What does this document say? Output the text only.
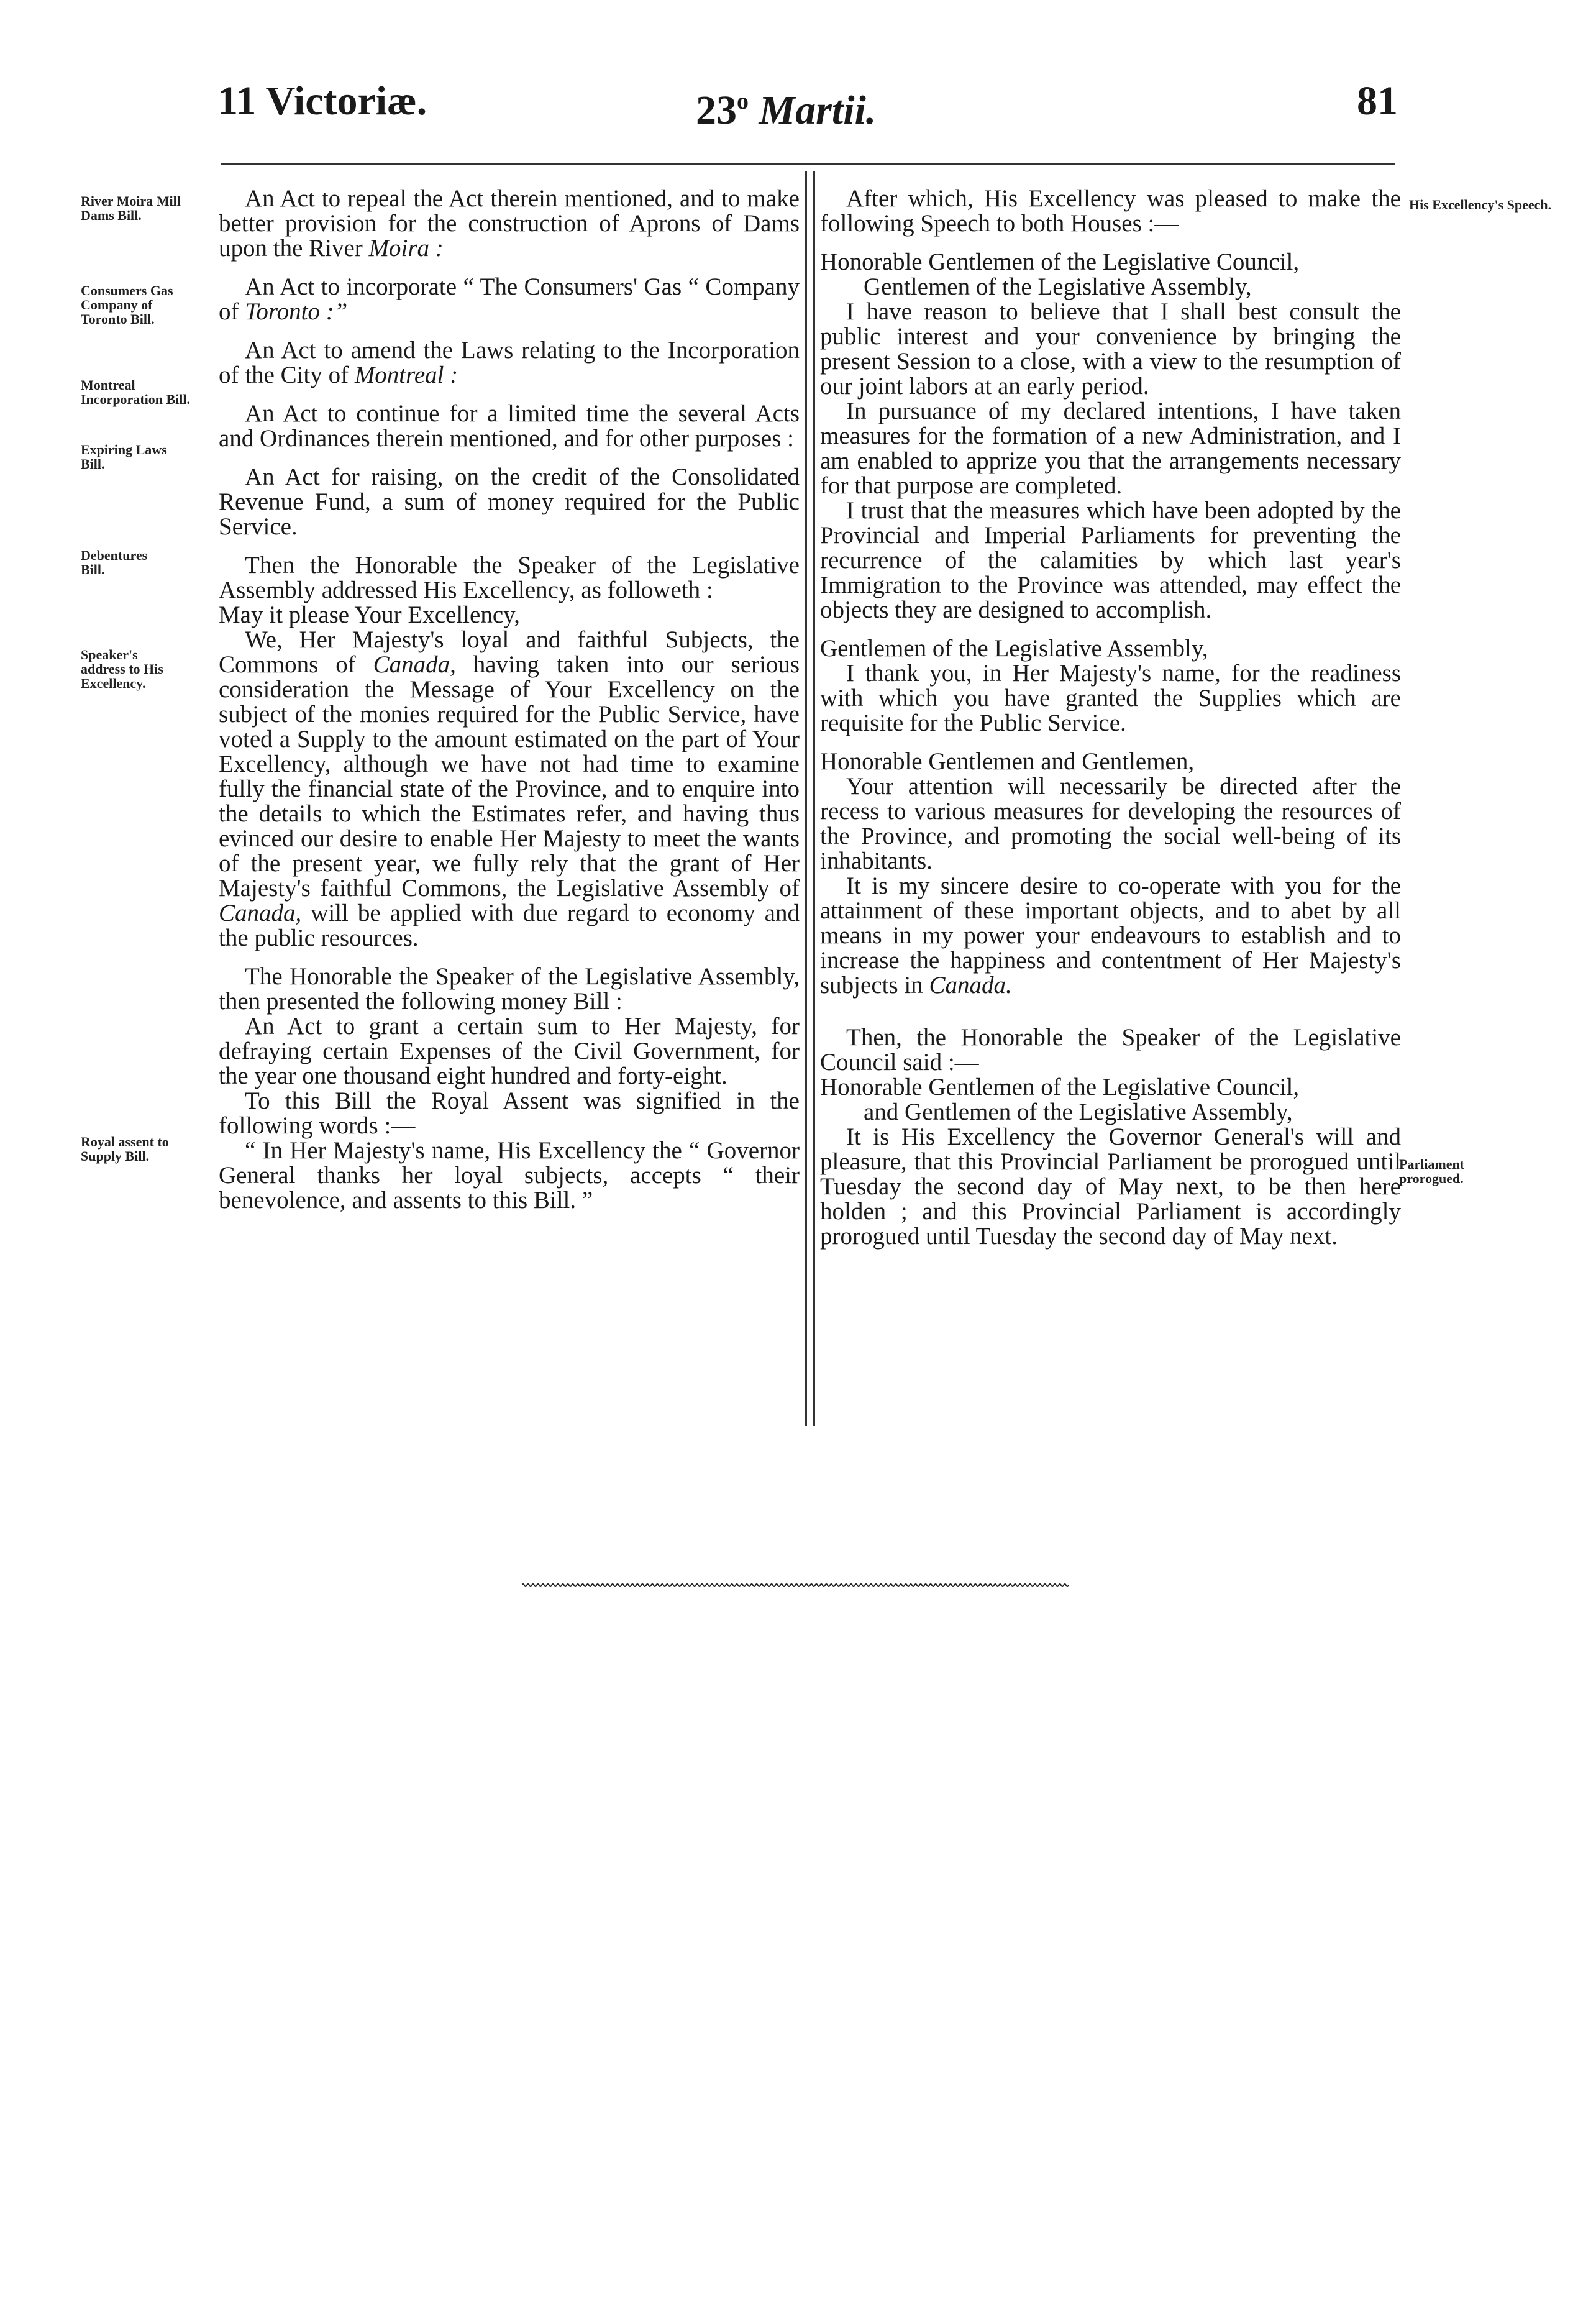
11 Victoriæ.	23$^o$ Martii.	81
River Moira Mill Dams Bill.
Consumers Gas Company of Toronto Bill.
Montreal Incorporation Bill.
Expiring Laws Bill.
Debentures Bill.
Speaker's address to His Excellency.
Royal assent to Supply Bill.
His Excellency's Speech.
Parliament prorogued.

An Act to repeal the Act therein mentioned, and to make better provision for the construction of Aprons of Dams upon the River Moira :

An Act to incorporate “ The Consumers' Gas “ Company of Toronto :”

An Act to amend the Laws relating to the Incorporation of the City of Montreal :

An Act to continue for a limited time the several Acts and Ordinances therein mentioned, and for other purposes :

An Act for raising, on the credit of the Consolidated Revenue Fund, a sum of money required for the Public Service.

Then the Honorable the Speaker of the Legislative Assembly addressed His Excellency, as followeth :

May it please Your Excellency,

We, Her Majesty's loyal and faithful Subjects, the Commons of Canada, having taken into our serious consideration the Message of Your Excellency on the subject of the monies required for the Public Service, have voted a Supply to the amount estimated on the part of Your Excellency, although we have not had time to examine fully the financial state of the Province, and to enquire into the details to which the Estimates refer, and having thus evinced our desire to enable Her Majesty to meet the wants of the present year, we fully rely that the grant of Her Majesty's faithful Commons, the Legislative Assembly of Canada, will be applied with due regard to economy and the public resources.

The Honorable the Speaker of the Legislative Assembly, then presented the following money Bill :

An Act to grant a certain sum to Her Majesty, for defraying certain Expenses of the Civil Government, for the year one thousand eight hundred and forty-eight.

To this Bill the Royal Assent was signified in the following words :—

“ In Her Majesty's name, His Excellency the “ Governor General thanks her loyal subjects, accepts “ their benevolence, and assents to this Bill. ”

After which, His Excellency was pleased to make the following Speech to both Houses :—

Honorable Gentlemen of the Legislative Council,

Gentlemen of the Legislative Assembly,

I have reason to believe that I shall best consult the public interest and your convenience by bringing the present Session to a close, with a view to the resumption of our joint labors at an early period.

In pursuance of my declared intentions, I have taken measures for the formation of a new Administration, and I am enabled to apprize you that the arrangements necessary for that purpose are completed.

I trust that the measures which have been adopted by the Provincial and Imperial Parliaments for preventing the recurrence of the calamities by which last year's Immigration to the Province was attended, may effect the objects they are designed to accomplish.

Gentlemen of the Legislative Assembly,

I thank you, in Her Majesty's name, for the readiness with which you have granted the Supplies which are requisite for the Public Service.

Honorable Gentlemen and Gentlemen,

Your attention will necessarily be directed after the recess to various measures for developing the resources of the Province, and promoting the social well-being of its inhabitants.

It is my sincere desire to co-operate with you for the attainment of these important objects, and to abet by all means in my power your endeavours to establish and to increase the happiness and contentment of Her Majesty's subjects in Canada.

Then, the Honorable the Speaker of the Legislative Council said :—

Honorable Gentlemen of the Legislative Council,

and Gentlemen of the Legislative Assembly,

It is His Excellency the Governor General's will and pleasure, that this Provincial Parliament be prorogued until Tuesday the second day of May next, to be then here holden ; and this Provincial Parliament is accordingly prorogued until Tuesday the second day of May next.
